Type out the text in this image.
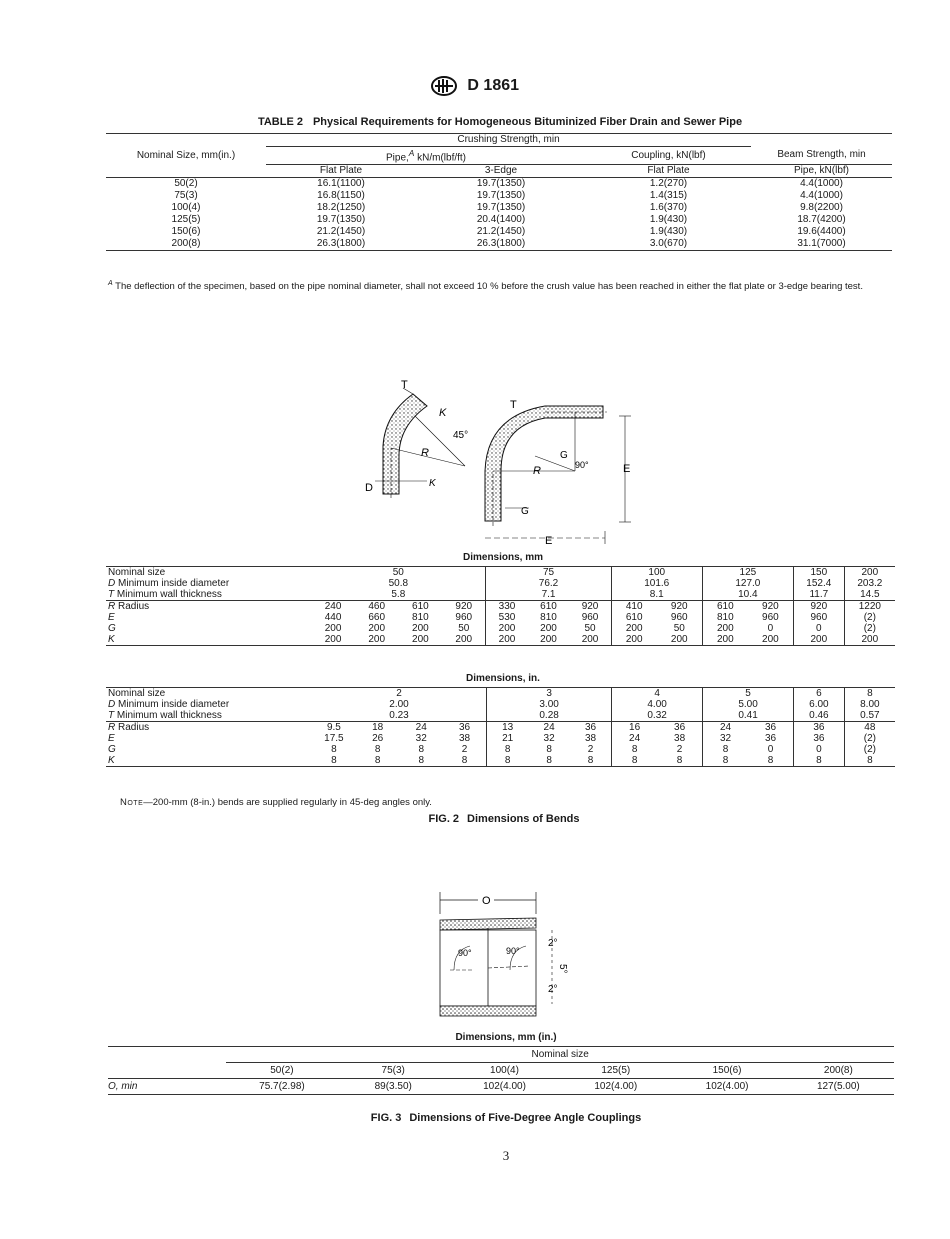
D 1861
TABLE 2 Physical Requirements for Homogeneous Bituminized Fiber Drain and Sewer Pipe
Nominal Size, mm(in.)	Crushing Strength, min			
	Pipe,$^A$ kN/m(lbf/ft)		Coupling, kN(lbf)	Beam Strength, min
	Flat Plate	3-Edge	Flat Plate	Pipe, kN(lbf)
50(2)	16.1(1100)	19.7(1350)	1.2(270)	4.4(1000)
75(3)	16.8(1150)	19.7(1350)	1.4(315)	4.4(1000)
100(4)	18.2(1250)	19.7(1350)	1.6(370)	9.8(2200)
125(5)	19.7(1350)	20.4(1400)	1.9(430)	18.7(4200)
150(6)	21.2(1450)	21.2(1450)	1.9(430)	19.6(4400)
200(8)	26.3(1800)	26.3(1800)	3.0(670)	31.1(7000)
$^A$ The deflection of the specimen, based on the pipe nominal diameter, shall not exceed 10 % before the crush value has been reached in either the flat plate or 3-edge bearing test.
T
K
45°
R
D	K
T
G
90°
R	E
G
E
Dimensions, mm
Nominal size	50				75			100		125		150	200
D Minimum inside diameter	50.8				76.2			101.6		127.0		152.4	203.2
T Minimum wall thickness	5.8				7.1			8.1		10.4		11.7	14.5
R Radius	240	460	610	920	330	610	920	410	920	610	920	920	1220
E	440	660	810	960	530	810	960	610	960	810	960	960	(2)
G	200	200	200	50	200	200	50	200	50	200	0	0	(2)
K	200	200	200	200	200	200	200	200	200	200	200	200	200
Dimensions, in.
Nominal size	2				3			4		5		6	8
D Minimum inside diameter	2.00				3.00			4.00		5.00		6.00	8.00
T Minimum wall thickness	0.23				0.28			0.32		0.41		0.46	0.57
R Radius	9.5	18	24	36	13	24	36	16	36	24	36	36	48
E	17.5	26	32	38	21	32	38	24	38	32	36	36	(2)
G	8	8	8	2	8	8	2	8	2	8	0	0	(2)
K	8	8	8	8	8	8	8	8	8	8	8	8	8
Note—200-mm (8-in.) bends are supplied regularly in 45-deg angles only.
FIG. 2 Dimensions of Bends
O
90°	90°
2°
5°
2°
Dimensions, mm (in.)
	Nominal size					
	50(2)	75(3)	100(4)	125(5)	150(6)	200(8)
O, min	75.7(2.98)	89(3.50)	102(4.00)	102(4.00)	102(4.00)	127(5.00)
FIG. 3 Dimensions of Five-Degree Angle Couplings
3
